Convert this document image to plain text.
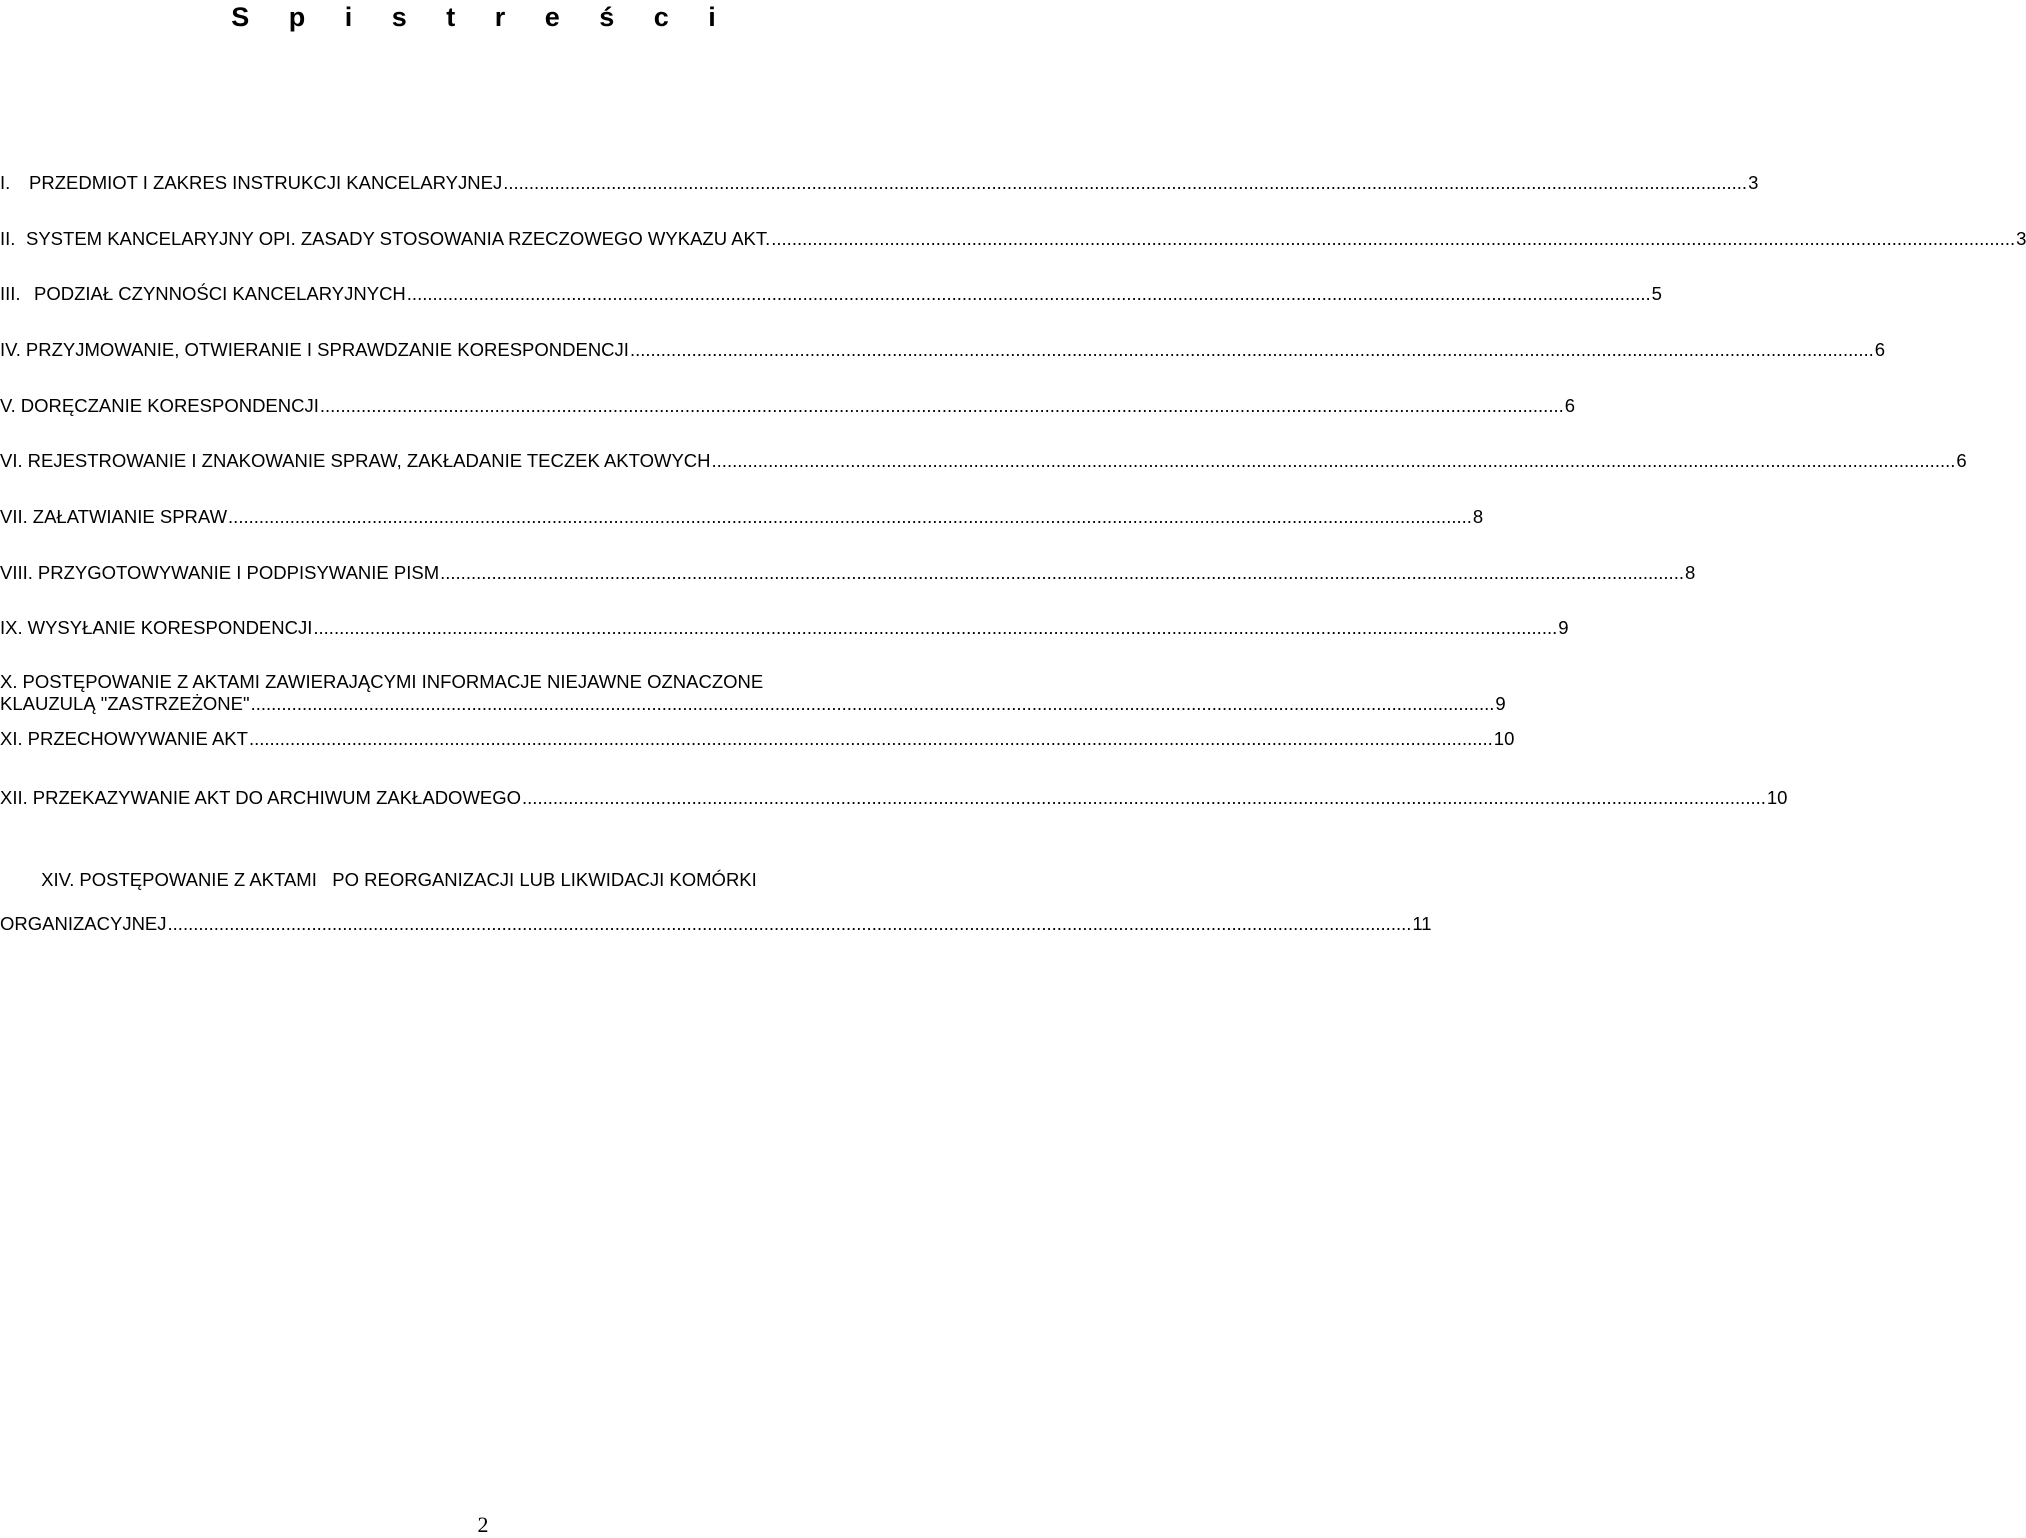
S p i s t r e ś c i
I. PRZEDMIOT I ZAKRES INSTRUKCJI KANCELARYJNEJ .....	3
II. SYSTEM KANCELARYJNY OPI. ZASADY STOSOWANIA RZECZOWEGO WYKAZU AKT. .....	3
III. PODZIAŁ CZYNNOŚCI KANCELARYJNYCH .....	5
IV. PRZYJMOWANIE, OTWIERANIE I SPRAWDZANIE KORESPONDENCJI .....	6
V. DORĘCZANIE KORESPONDENCJI .....	6
VI. REJESTROWANIE I ZNAKOWANIE SPRAW, ZAKŁADANIE TECZEK AKTOWYCH .....	6
VII. ZAŁATWIANIE SPRAW .....	8
VIII. PRZYGOTOWYWANIE I PODPISYWANIE PISM .....	8
IX. WYSYŁANIE KORESPONDENCJI .....	9
X. POSTĘPOWANIE Z AKTAMI ZAWIERAJĄCYMI INFORMACJE NIEJAWNE OZNACZONE
KLAUZULĄ "ZASTRZEŻONE" .....	9
XI. PRZECHOWYWANIE AKT .....	10
XII. PRZEKAZYWANIE AKT DO ARCHIWUM ZAKŁADOWEGO .....	10

XIV. POSTĘPOWANIE Z AKTAMI   PO REORGANIZACJI LUB LIKWIDACJI KOMÓRKI

ORGANIZACYJNEJ .....	11
2
